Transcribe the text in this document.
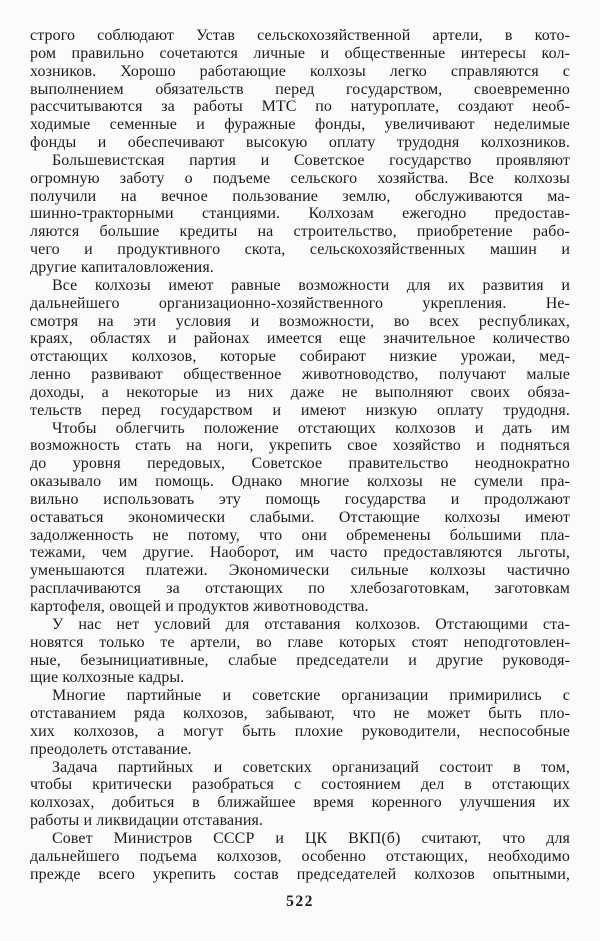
строго соблюдают Устав сельскохозяйственной артели, в кото-
ром правильно сочетаются личные и общественные интересы кол-
хозников. Хорошо работающие колхозы легко справляются с
выполнением обязательств перед государством, своевременно
рассчитываются за работы МТС по натуроплате, создают необ-
ходимые семенные и фуражные фонды, увеличивают неделимые
фонды и обеспечивают высокую оплату трудодня колхозников.
Большевистская партия и Советское государство проявляют
огромную заботу о подъеме сельского хозяйства. Все колхозы
получили на вечное пользование землю, обслуживаются ма-
шинно-тракторными станциями. Колхозам ежегодно предостав-
ляются большие кредиты на строительство, приобретение рабо-
чего и продуктивного скота, сельскохозяйственных машин и
другие капиталовложения.
Все колхозы имеют равные возможности для их развития и
дальнейшего организационно-хозяйственного укрепления. Не-
смотря на эти условия и возможности, во всех республиках,
краях, областях и районах имеется еще значительное количество
отстающих колхозов, которые собирают низкие урожаи, мед-
ленно развивают общественное животноводство, получают малые
доходы, а некоторые из них даже не выполняют своих обяза-
тельств перед государством и имеют низкую оплату трудодня.
Чтобы облегчить положение отстающих колхозов и дать им
возможность стать на ноги, укрепить свое хозяйство и подняться
до уровня передовых, Советское правительство неоднократно
оказывало им помощь. Однако многие колхозы не сумели пра-
вильно использовать эту помощь государства и продолжают
оставаться экономически слабыми. Отстающие колхозы имеют
задолженность не потому, что они обременены бо̀льшими пла-
тежами, чем другие. Наоборот, им часто предоставляются льготы,
уменьшаются платежи. Экономически сильные колхозы частично
расплачиваются за отстающих по хлебозаготовкам, заготовкам
картофеля, овощей и продуктов животноводства.
У нас нет условий для отставания колхозов. Отстающими ста-
новятся только те артели, во главе которых стоят неподготовлен-
ные, безынициативные, слабые председатели и другие руководя-
щие колхозные кадры.
Многие партийные и советские организации примирились с
отставанием ряда колхозов, забывают, что не может быть пло-
хих колхозов, а могут быть плохие руководители, неспособные
преодолеть отставание.
Задача партийных и советских организаций состоит в том,
чтобы критически разобраться с состоянием дел в отстающих
колхозах, добиться в ближайшее время коренного улучшения их
работы и ликвидации отставания.
Совет Министров СССР и ЦК ВКП(б) считают, что для
дальнейшего подъема колхозов, особенно отстающих, необходимо
прежде всего укрепить состав председателей колхозов опытными,
522
